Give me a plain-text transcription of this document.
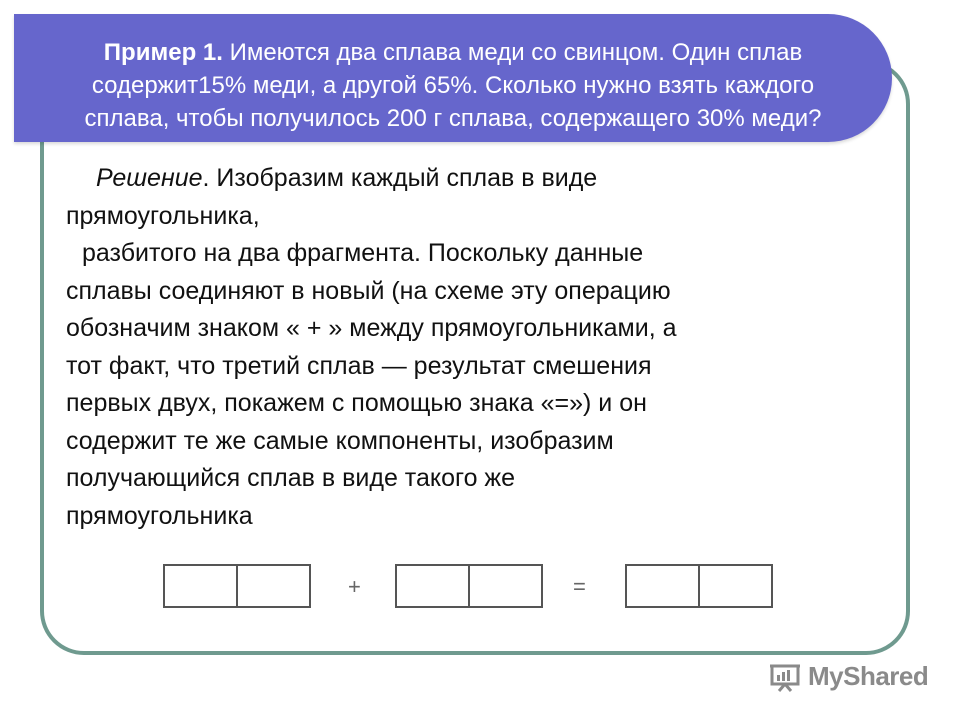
Пример 1. Имеются два сплава меди со свинцом. Один сплав
содержит15% меди, а другой 65%. Сколько нужно взять каждого
сплава, чтобы получилось 200 г сплава, содержащего 30% меди?
Решение. Изобразим каждый сплав в виде
прямоугольника,
разбитого на два фрагмента. Поскольку данные
сплавы соединяют в новый (на схеме эту операцию
обозначим знаком « + » между прямоугольниками, а
тот факт, что третий сплав — результат смешения
первых двух, покажем с помощью знака «=») и он
содержит те же самые компоненты, изобразим
получающийся сплав в виде такого же
прямоугольника
+	=
MyShared
